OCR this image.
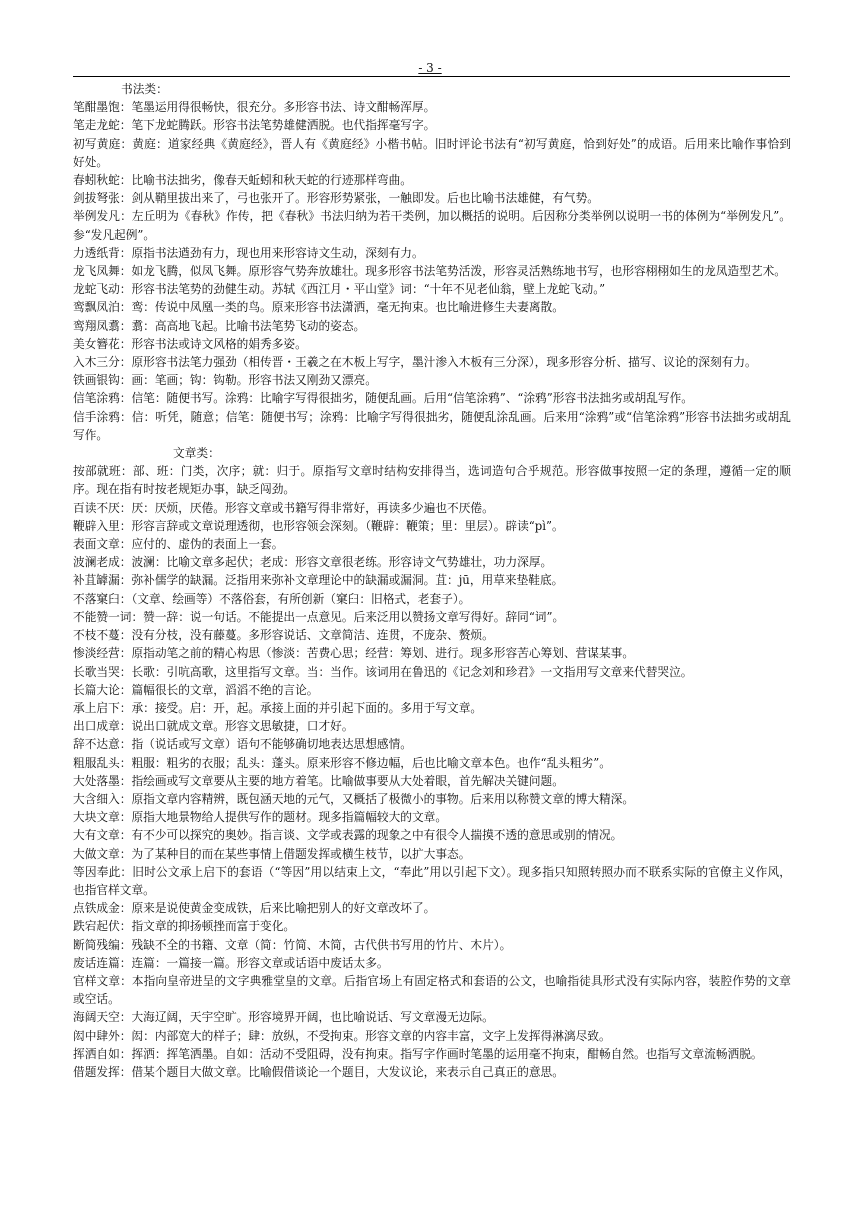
- 3 -

书法类：

笔酣墨饱：笔墨运用得很畅快，很充分。多形容书法、诗文酣畅浑厚。

笔走龙蛇：笔下龙蛇腾跃。形容书法笔势雄健洒脱。也代指挥毫写字。

初写黄庭：黄庭：道家经典《黄庭经》，晋人有《黄庭经》小楷书帖。旧时评论书法有“初写黄庭，恰到好处”的成语。后用来比喻作事恰到好处。

春蚓秋蛇：比喻书法拙劣，像春天蚯蚓和秋天蛇的行迹那样弯曲。

剑拔弩张：剑从鞘里拔出来了，弓也张开了。形容形势紧张，一触即发。后也比喻书法雄健，有气势。

举例发凡：左丘明为《春秋》作传，把《春秋》书法归纳为若干类例，加以概括的说明。后因称分类举例以说明一书的体例为“举例发凡”。参“发凡起例”。

力透纸背：原指书法遒劲有力，现也用来形容诗文生动，深刻有力。

龙飞凤舞：如龙飞腾，似凤飞舞。原形容气势奔放雄壮。现多形容书法笔势活泼，形容灵活熟练地书写，也形容栩栩如生的龙凤造型艺术。

龙蛇飞动：形容书法笔势的劲健生动。苏轼《西江月・平山堂》词：“十年不见老仙翁，壁上龙蛇飞动。”

鸾飘凤泊：鸾：传说中凤凰一类的鸟。原来形容书法潇洒，毫无拘束。也比喻进修生夫妻离散。

鸾翔凤翥：翥：高高地飞起。比喻书法笔势飞动的姿态。

美女簪花：形容书法或诗文风格的娟秀多姿。

入木三分：原形容书法笔力强劲（相传晋・王羲之在木板上写字，墨汁渗入木板有三分深），现多形容分析、描写、议论的深刻有力。

铁画银钩：画：笔画；钩：钩勒。形容书法又刚劲又漂亮。

信笔涂鸦：信笔：随便书写。涂鸦：比喻字写得很拙劣，随便乱画。后用“信笔涂鸦”、“涂鸦”形容书法拙劣或胡乱写作。

信手涂鸦：信：听凭，随意；信笔：随便书写；涂鸦：比喻字写得很拙劣，随便乱涂乱画。后来用“涂鸦”或“信笔涂鸦”形容书法拙劣或胡乱写作。

文章类：

按部就班：部、班：门类，次序；就：归于。原指写文章时结构安排得当，选词造句合乎规范。形容做事按照一定的条理，遵循一定的顺序。现在指有时按老规矩办事，缺乏闯劲。

百读不厌：厌：厌烦，厌倦。形容文章或书籍写得非常好，再读多少遍也不厌倦。

鞭辟入里：形容言辞或文章说理透彻，也形容领会深刻。（鞭辟：鞭策；里：里层）。辟读“pì”。

表面文章：应付的、虚伪的表面上一套。

波澜老成：波澜：比喻文章多起伏；老成：形容文章很老练。形容诗文气势雄壮，功力深厚。

补苴罅漏：弥补儒学的缺漏。泛指用来弥补文章理论中的缺漏或漏洞。苴：jū，用草来垫鞋底。

不落窠臼：（文章、绘画等）不落俗套，有所创新（窠臼：旧格式，老套子）。

不能赞一词：赞一辞：说一句话。不能提出一点意见。后来泛用以赞扬文章写得好。辞同“词”。

不枝不蔓：没有分枝，没有藤蔓。多形容说话、文章简洁、连贯，不庞杂、赘烦。

惨淡经营：原指动笔之前的精心构思（惨淡：苦费心思；经营：筹划、进行。现多形容苦心筹划、营谋某事。

长歌当哭：长歌：引吭高歌，这里指写文章。当：当作。该词用在鲁迅的《记念刘和珍君》一文指用写文章来代替哭泣。

长篇大论：篇幅很长的文章，滔滔不绝的言论。

承上启下：承：接受。启：开，起。承接上面的并引起下面的。多用于写文章。

出口成章：说出口就成文章。形容文思敏捷，口才好。

辞不达意：指（说话或写文章）语句不能够确切地表达思想感情。

粗服乱头：粗服：粗劣的衣服；乱头：蓬头。原来形容不修边幅，后也比喻文章本色。也作“乱头粗劣”。

大处落墨：指绘画或写文章要从主要的地方着笔。比喻做事要从大处着眼，首先解决关键问题。

大含细入：原指文章内容精辨，既包涵天地的元气，又概括了极微小的事物。后来用以称赞文章的博大精深。

大块文章：原指大地景物给人提供写作的题材。现多指篇幅较大的文章。

大有文章：有不少可以探究的奥妙。指言谈、文学或表露的现象之中有很令人揣摸不透的意思或别的情况。

大做文章：为了某种目的而在某些事情上借题发挥或横生枝节，以扩大事态。

等因奉此：旧时公文承上启下的套语（“等因”用以结束上文，“奉此”用以引起下文）。现多指只知照转照办而不联系实际的官僚主义作风，也指官样文章。

点铁成金：原来是说使黄金变成铁，后来比喻把别人的好文章改坏了。

跌宕起伏：指文章的抑扬顿挫而富于变化。

断简残编：残缺不全的书籍、文章（简：竹简、木简，古代供书写用的竹片、木片）。

废话连篇：连篇：一篇接一篇。形容文章或话语中废话太多。

官样文章：本指向皇帝进呈的文字典雅堂皇的文章。后指官场上有固定格式和套语的公文，也喻指徒具形式没有实际内容，装腔作势的文章或空话。

海阔天空：大海辽阔，天宇空旷。形容境界开阔，也比喻说话、写文章漫无边际。

闳中肆外：闳：内部宽大的样子；肆：放纵，不受拘束。形容文章的内容丰富，文字上发挥得淋漓尽致。

挥洒自如：挥洒：挥笔洒墨。自如：活动不受阻碍，没有拘束。指写字作画时笔墨的运用毫不拘束，酣畅自然。也指写文章流畅洒脱。

借题发挥：借某个题目大做文章。比喻假借谈论一个题目，大发议论，来表示自己真正的意思。
